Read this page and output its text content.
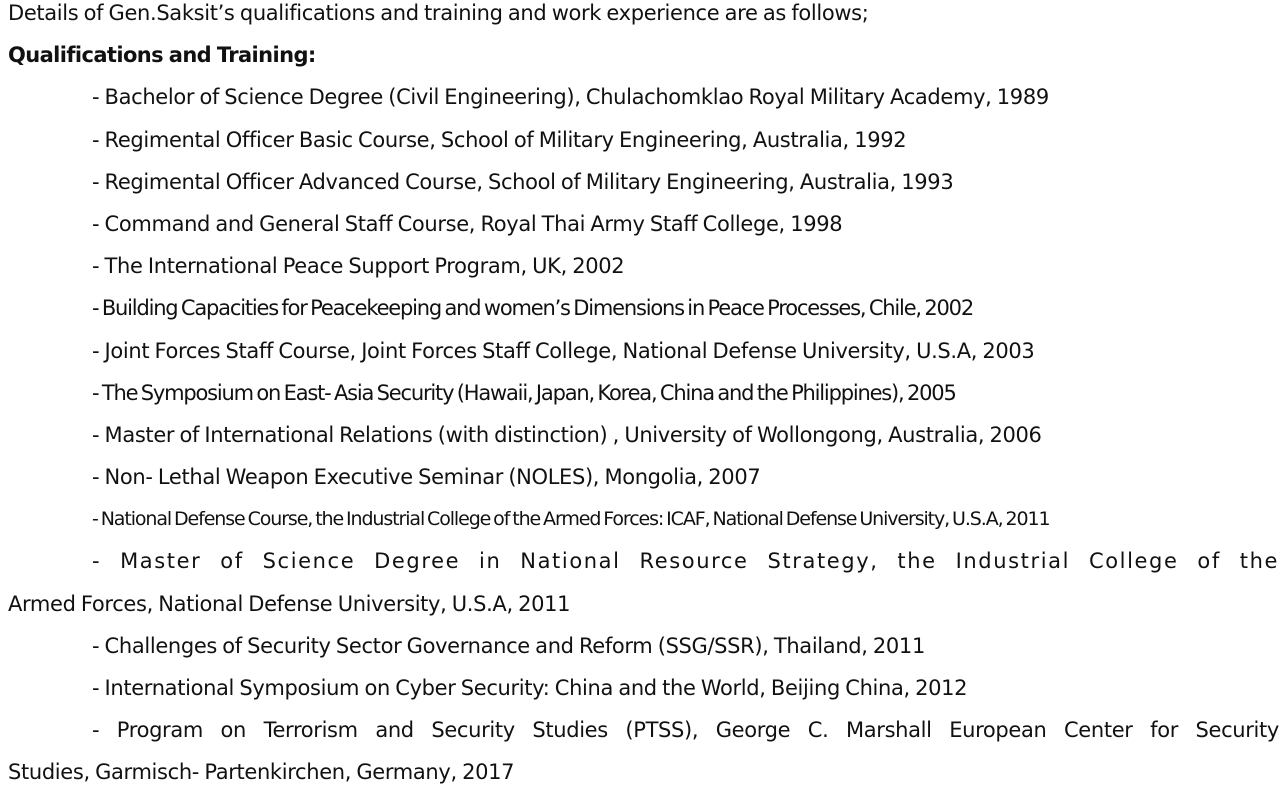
Details of Gen.Saksit’s qualifications and training and work experience are as follows;
Qualifications and Training:
- Bachelor of Science Degree (Civil Engineering), Chulachomklao Royal Military Academy, 1989
- Regimental Officer Basic Course, School of Military Engineering, Australia, 1992
- Regimental Officer Advanced Course, School of Military Engineering, Australia, 1993
- Command and General Staff Course, Royal Thai Army Staff College, 1998
- The International Peace Support Program, UK, 2002
- Building Capacities for Peacekeeping and women’s Dimensions in Peace Processes, Chile, 2002
- Joint Forces Staff Course, Joint Forces Staff College, National Defense University, U.S.A, 2003
- The Symposium on East- Asia Security (Hawaii, Japan, Korea, China and the Philippines), 2005
- Master of International Relations (with distinction) , University of Wollongong, Australia, 2006
- Non- Lethal Weapon Executive Seminar (NOLES), Mongolia, 2007
- National Defense Course, the Industrial College of the Armed Forces: ICAF, National Defense University, U.S.A, 2011
- Master of Science Degree in National Resource Strategy, the Industrial College of the
Armed Forces, National Defense University, U.S.A, 2011
- Challenges of Security Sector Governance and Reform (SSG/SSR), Thailand, 2011
- International Symposium on Cyber Security: China and the World, Beijing China, 2012
- Program on Terrorism and Security Studies (PTSS), George C. Marshall European Center for Security
Studies, Garmisch- Partenkirchen, Germany, 2017
